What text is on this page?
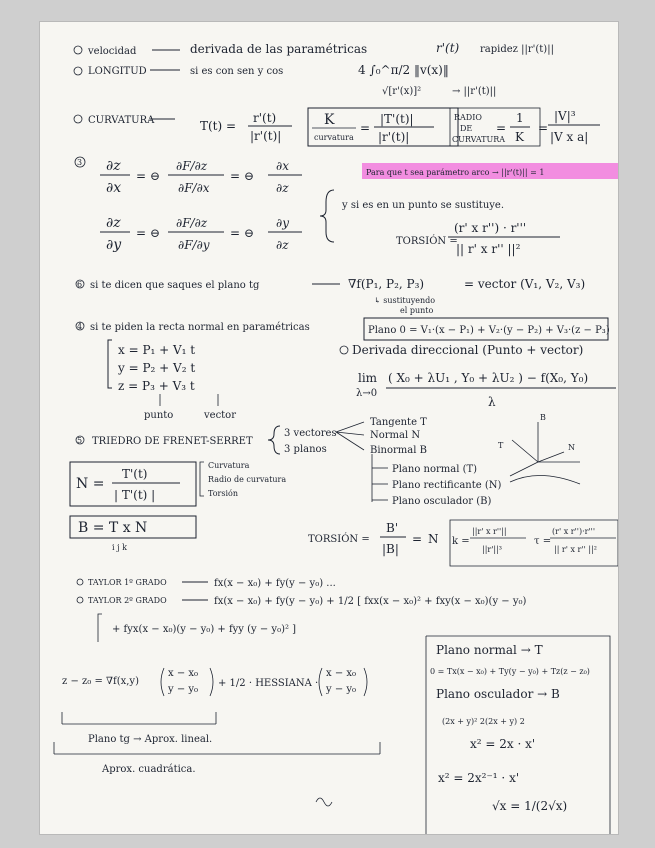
velocidad	derivada de las paramétricas	r'(t) rapidez ||r'(t)||
LONGITUD	si es con sen y cos	4 ∫₀^π/2 ‖v(x)‖
√[r'(x)]²	→ ||r'(t)||
CURVATURA	T(t) =
r'(t)
|r'(t)|
K
curvatura
=
|T'(t)|
|r'(t)|
RADIO
DE
CURVATURA
=
1
K
=
|V|³
|V x a|
3 ∂z
∂x
= ⊖
∂F/∂z
∂F/∂x
= ⊖
∂x
∂z
∂z
∂y
= ⊖
∂F/∂z
∂F/∂y
= ⊖
∂y
∂z
Para que t sea parámetro arco → ||r'(t)|| = 1
y si es en un punto se sustituye.
TORSIÓN =
(r' x r'') · r'''
|| r' x r'' ||²
6 si te dicen que saques el plano tg	∇f(P₁, P₂, P₃)	= vector (V₁, V₂, V₃)
↳ sustituyendo
el punto
4 si te piden la recta normal en paramétricas	Plano 0 = V₁·(x − P₁) + V₂·(y − P₂) + V₃·(z − P₃)
x = P₁ + V₁ t
y = P₂ + V₂ t
z = P₃ + V₃ t
punto	vector
Derivada direccional (Punto + vector)
lim
λ→0
( X₀ + λU₁ , Y₀ + λU₂ ) − f(X₀, Y₀)
λ
5 TRIEDRO DE FRENET-SERRET
3 vectores
3 planos
Tangente T
Normal N
Binormal B
B
N
T
Curvatura
Radio de curvatura
Torsión
Plano normal (T)
Plano rectificante (N)
Plano osculador (B)
N =
T'(t)
| T'(t) |
B = T x N
i j k
TORSIÓN =
B'
|B|
= N k =
||r' x r''||
||r'||³
τ =
(r' x r'')·r'''
|| r' x r'' ||²
TAYLOR 1º GRADO	fx(x − x₀) + fy(y − y₀) ...
TAYLOR 2º GRADO	fx(x − x₀) + fy(y − y₀) + 1/2 [ fxx(x − x₀)² + fxy(x − x₀)(y − y₀)
+ fyx(x − x₀)(y − y₀) + fyy (y − y₀)² ]
z − z₀ = ∇f(x,y)
x − x₀
y − y₀
+ 1/2 · HESSIANA ·
x − x₀
y − y₀
Plano tg → Aprox. lineal.
Aprox. cuadrática.
Plano normal → T
0 = Tx(x − x₀) + Ty(y − y₀) + Tz(z − z₀)
Plano osculador → B
(2x + y)² 2(2x + y) 2
x² = 2x · x'
x² = 2x²⁻¹ · x'
√x = 1/(2√x)
